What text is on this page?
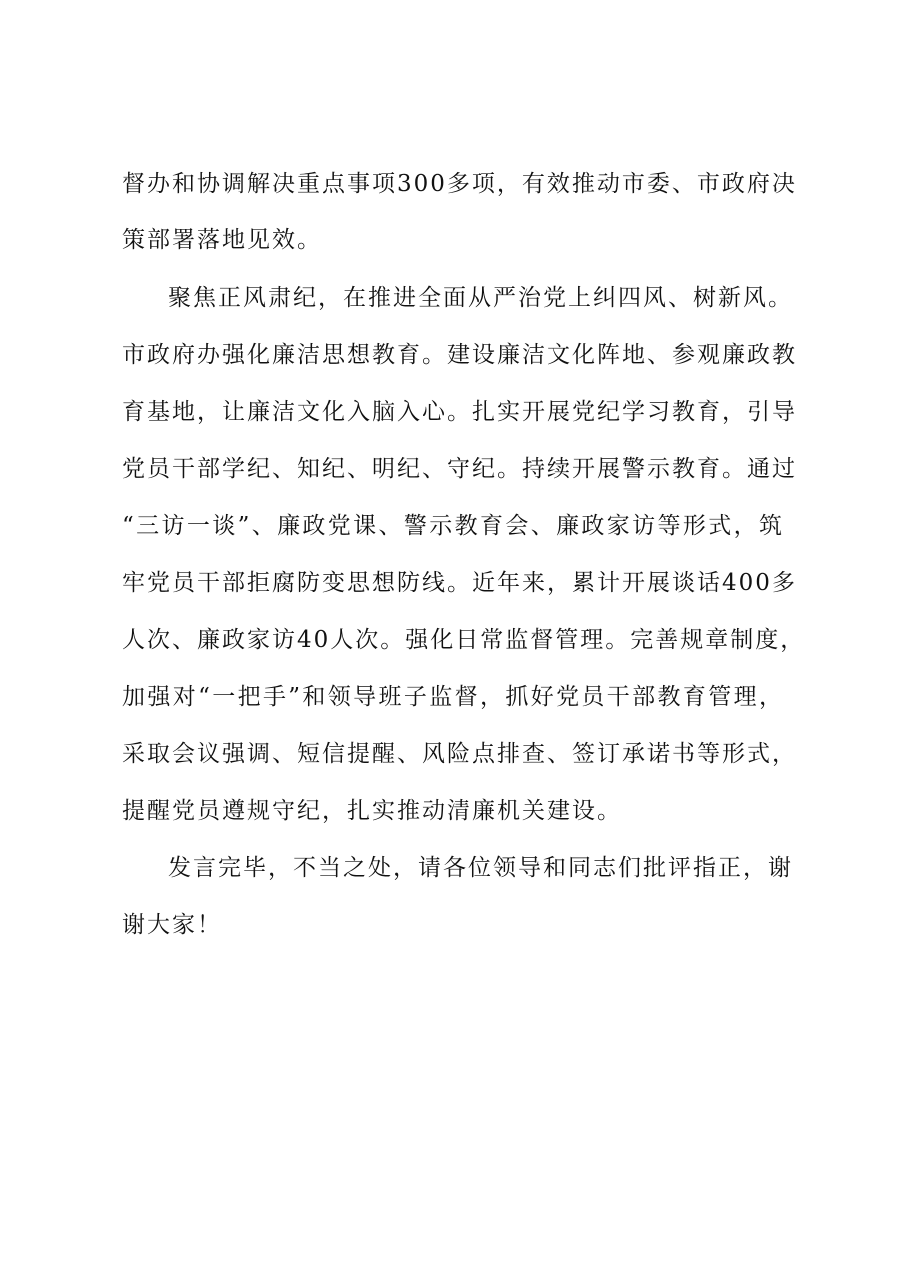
督办和协调解决重点事项300多项，有效推动市委、市政府决
策部署落地见效。
聚焦正风肃纪，在推进全面从严治党上纠四风、树新风。
市政府办强化廉洁思想教育。建设廉洁文化阵地、参观廉政教
育基地，让廉洁文化入脑入心。扎实开展党纪学习教育，引导
党员干部学纪、知纪、明纪、守纪。持续开展警示教育。通过
“三访一谈”、廉政党课、警示教育会、廉政家访等形式，筑
牢党员干部拒腐防变思想防线。近年来，累计开展谈话400多
人次、廉政家访40人次。强化日常监督管理。完善规章制度，
加强对“一把手”和领导班子监督，抓好党员干部教育管理，
采取会议强调、短信提醒、风险点排查、签订承诺书等形式，
提醒党员遵规守纪，扎实推动清廉机关建设。
发言完毕，不当之处，请各位领导和同志们批评指正，谢
谢大家！
